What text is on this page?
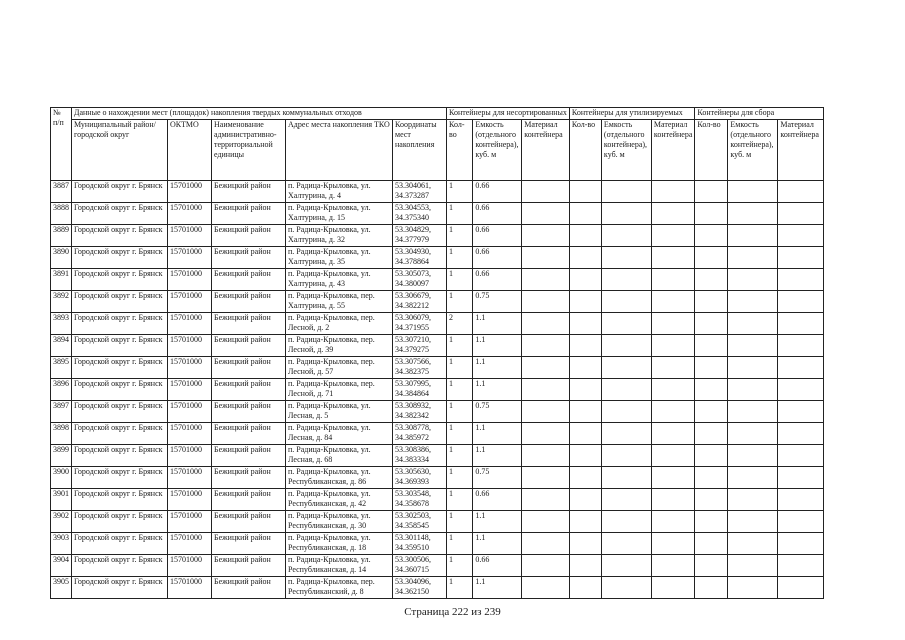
№
п/п	Данные о нахождении мест (площадок) накопления твердых коммунальных отходов					Контейнеры для несортированных			Контейнеры для утилизируемых			Контейнеры для сбора		
	Муниципальный район/городской округ	ОКТМО	Наименование административно-территориальной единицы	Адрес места накопления ТКО	Координаты мест накопления	Кол-во	Емкость (отдельного контейнера), куб. м	Материал контейнера	Кол-во	Емкость (отдельного контейнера), куб. м	Материал контейнера	Кол-во	Емкость (отдельного контейнера), куб. м	Материал контейнера
3887	Городской округ г. Брянск	15701000	Бежицкий район	п. Радица-Крыловка, ул. Халтурина, д. 4	53.304061, 34.373287	1	0.66							
3888	Городской округ г. Брянск	15701000	Бежицкий район	п. Радица-Крыловка, ул. Халтурина, д. 15	53.304553, 34.375340	1	0.66							
3889	Городской округ г. Брянск	15701000	Бежицкий район	п. Радица-Крыловка, ул. Халтурина, д. 32	53.304829, 34.377979	1	0.66							
3890	Городской округ г. Брянск	15701000	Бежицкий район	п. Радица-Крыловка, ул. Халтурина, д. 35	53.304930, 34.378864	1	0.66							
3891	Городской округ г. Брянск	15701000	Бежицкий район	п. Радица-Крыловка, ул. Халтурина, д. 43	53.305073, 34.380097	1	0.66							
3892	Городской округ г. Брянск	15701000	Бежицкий район	п. Радица-Крыловка, пер. Халтурина, д. 55	53.306679, 34.382212	1	0.75							
3893	Городской округ г. Брянск	15701000	Бежицкий район	п. Радица-Крыловка, пер. Лесной, д. 2	53.306079, 34.371955	2	1.1							
3894	Городской округ г. Брянск	15701000	Бежицкий район	п. Радица-Крыловка, пер. Лесной, д. 39	53.307210, 34.379275	1	1.1							
3895	Городской округ г. Брянск	15701000	Бежицкий район	п. Радица-Крыловка, пер. Лесной, д. 57	53.307566, 34.382375	1	1.1							
3896	Городской округ г. Брянск	15701000	Бежицкий район	п. Радица-Крыловка, пер. Лесной, д. 71	53.307995, 34.384864	1	1.1							
3897	Городской округ г. Брянск	15701000	Бежицкий район	п. Радица-Крыловка, ул. Лесная, д. 5	53.308932, 34.382342	1	0.75							
3898	Городской округ г. Брянск	15701000	Бежицкий район	п. Радица-Крыловка, ул. Лесная, д. 84	53.308778, 34.385972	1	1.1							
3899	Городской округ г. Брянск	15701000	Бежицкий район	п. Радица-Крыловка, ул. Лесная, д. 68	53.308386, 34.383334	1	1.1							
3900	Городской округ г. Брянск	15701000	Бежицкий район	п. Радица-Крыловка, ул. Республиканская, д. 86	53.305630, 34.369393	1	0.75							
3901	Городской округ г. Брянск	15701000	Бежицкий район	п. Радица-Крыловка, ул. Республиканская, д. 42	53.303548, 34.358678	1	0.66							
3902	Городской округ г. Брянск	15701000	Бежицкий район	п. Радица-Крыловка, ул. Республиканская, д. 30	53.302503, 34.358545	1	1.1							
3903	Городской округ г. Брянск	15701000	Бежицкий район	п. Радица-Крыловка, ул. Республиканская, д. 18	53.301148, 34.359510	1	1.1							
3904	Городской округ г. Брянск	15701000	Бежицкий район	п. Радица-Крыловка, ул. Республиканская, д. 14	53.300506, 34.360715	1	0.66							
3905	Городской округ г. Брянск	15701000	Бежицкий район	п. Радица-Крыловка, пер. Республиканский, д. 8	53.304096, 34.362150	1	1.1							
Страница 222 из 239
